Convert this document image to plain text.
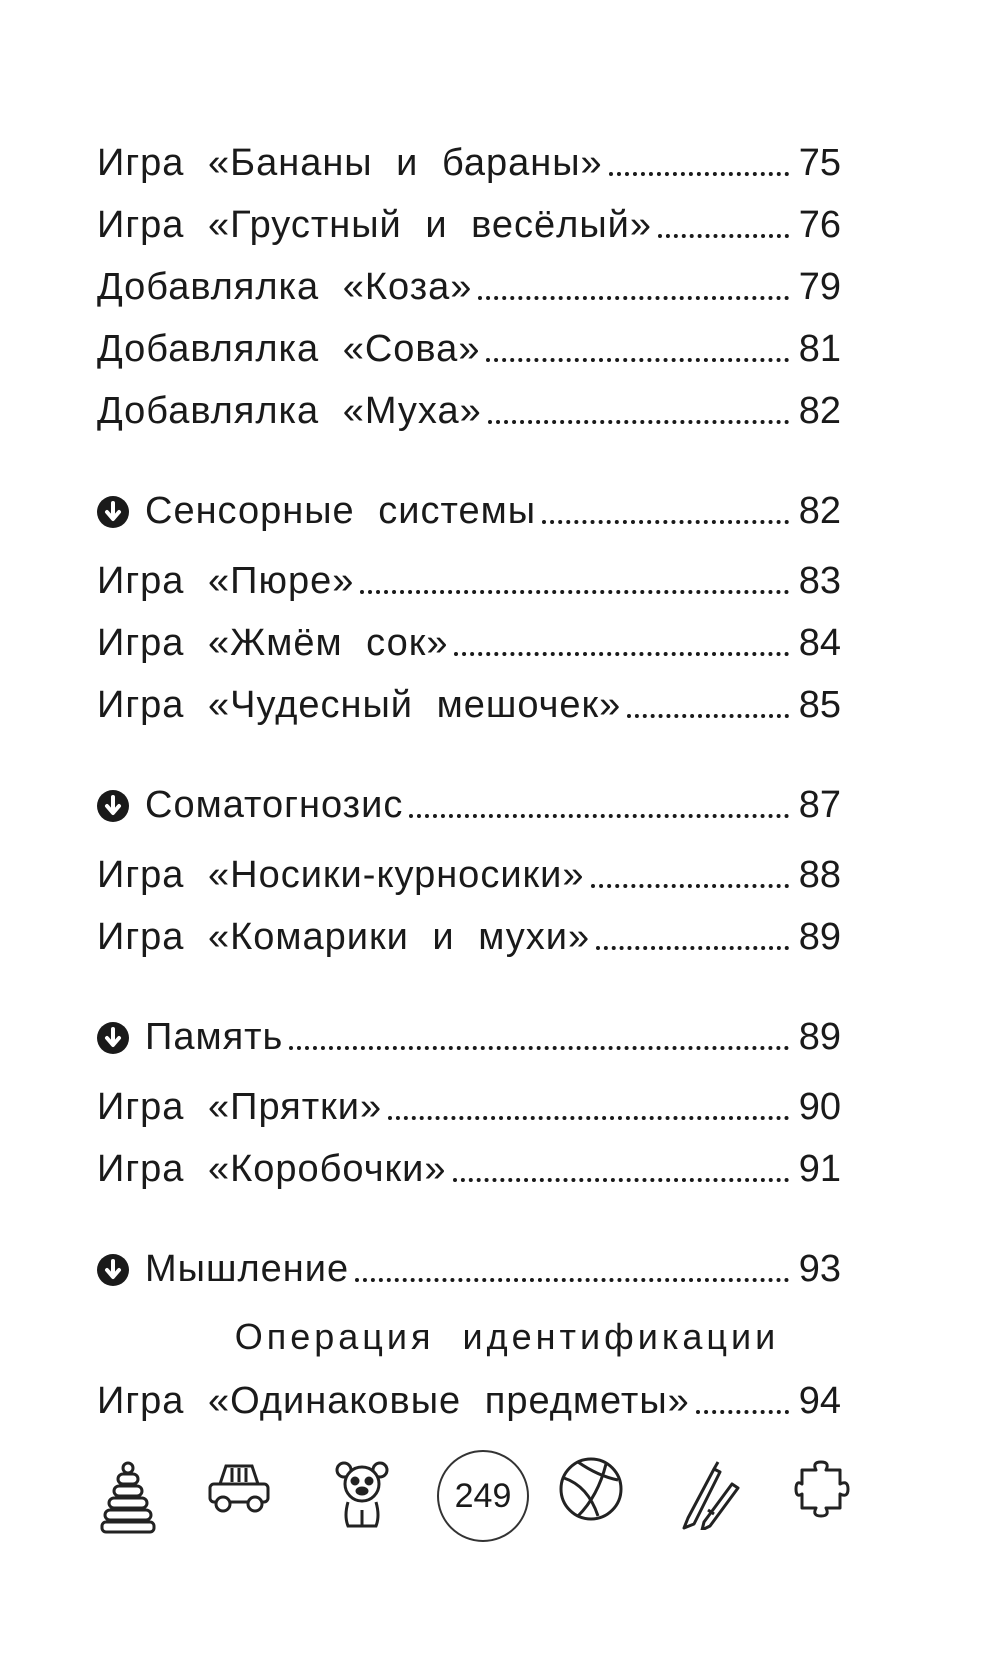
Игра «Бананы и бараны»	75
Игра «Грустный и весёлый»	76
Добавлялка «Коза»	79
Добавлялка «Сова»	81
Добавлялка «Муха»	82
Сенсорные системы	82
Игра «Пюре»	83
Игра «Жмём сок»	84
Игра «Чудесный мешочек»	85
Соматогнозис	87
Игра «Носики-курносики»	88
Игра «Комарики и мухи»	89
Память	89
Игра «Прятки»	90
Игра «Коробочки»	91
Мышление	93
Операция идентификации
Игра «Одинаковые предметы»	94
249
